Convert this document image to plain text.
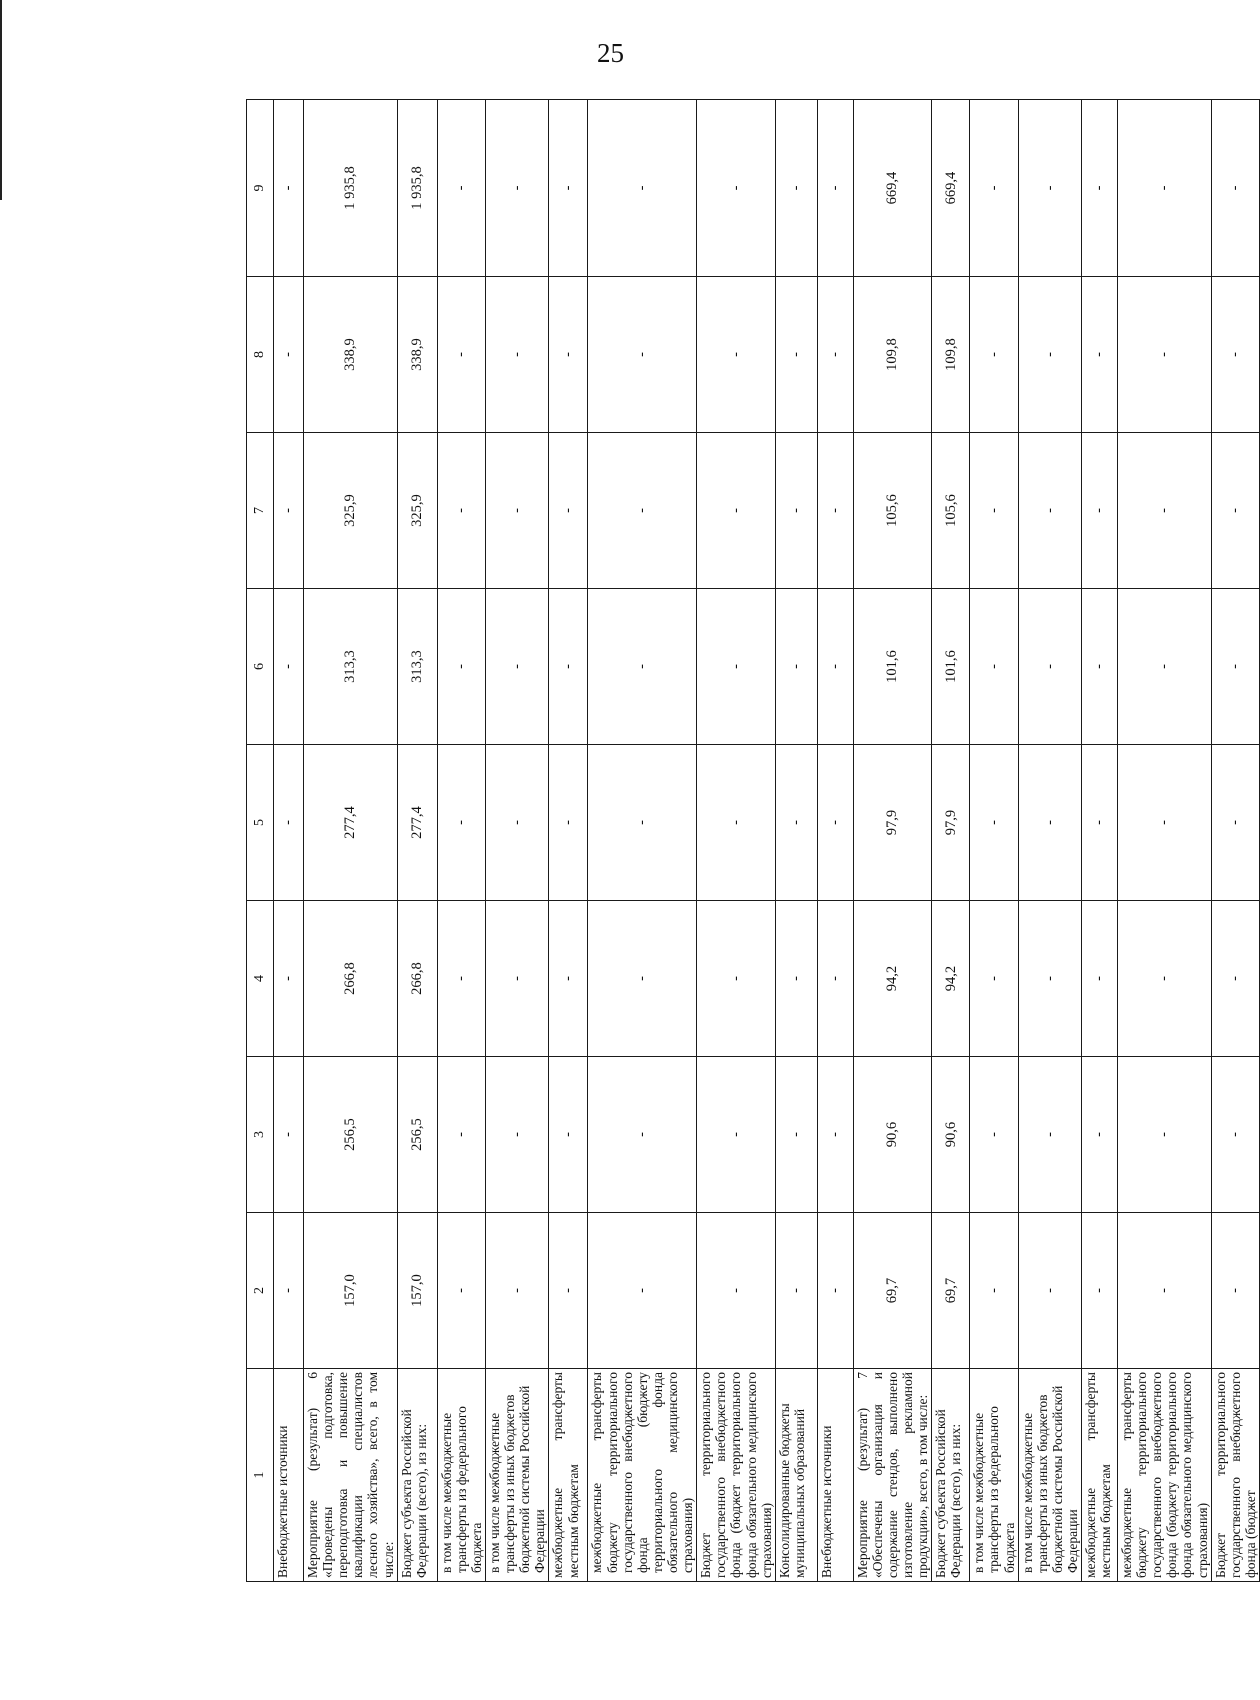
25
1	2	3	4	5	6	7	8	9
Внебюджетные источники	-	-	-	-	-	-	-	-
Мероприятие (результат) 6 «Проведены подготовка, переподготовка и повышение квалификации специалистов лесного хозяйства», всего, в том числе:	157,0	256,5	266,8	277,4	313,3	325,9	338,9	1 935,8
Бюджет субъекта Российской Федерации (всего), из них:	157,0	256,5	266,8	277,4	313,3	325,9	338,9	1 935,8
в том числе межбюджетные трансферты из федерального бюджета	-	-	-	-	-	-	-	-
в том числе межбюджетные трансферты из иных бюджетов бюджетной системы Российской Федерации	-	-	-	-	-	-	-	-
межбюджетные трансферты местным бюджетам	-	-	-	-	-	-	-	-
межбюджетные трансферты бюджету территориального государственного внебюджетного фонда (бюджету территориального фонда обязательного медицинского страхования)	-	-	-	-	-	-	-	-
Бюджет территориального государственного внебюджетного фонда (бюджет территориального фонда обязательного медицинского страхования)	-	-	-	-	-	-	-	-
Консолидированные бюджеты муниципальных образований	-	-	-	-	-	-	-	-
Внебюджетные источники	-	-	-	-	-	-	-	-
Мероприятие (результат) 7 «Обеспечены организация и содержание стендов, выполнено изготовление рекламной продукции», всего, в том числе:	69,7	90,6	94,2	97,9	101,6	105,6	109,8	669,4
Бюджет субъекта Российской Федерации (всего), из них:	69,7	90,6	94,2	97,9	101,6	105,6	109,8	669,4
в том числе межбюджетные трансферты из федерального бюджета	-	-	-	-	-	-	-	-
в том числе межбюджетные трансферты из иных бюджетов бюджетной системы Российской Федерации	-	-	-	-	-	-	-	-
межбюджетные трансферты местным бюджетам	-	-	-	-	-	-	-	-
межбюджетные трансферты бюджету территориального государственного внебюджетного фонда (бюджету территориального фонда обязательного медицинского страхования)	-	-	-	-	-	-	-	-
Бюджет территориального государственного внебюджетного фонда (бюджет	-	-	-	-	-	-	-	-
